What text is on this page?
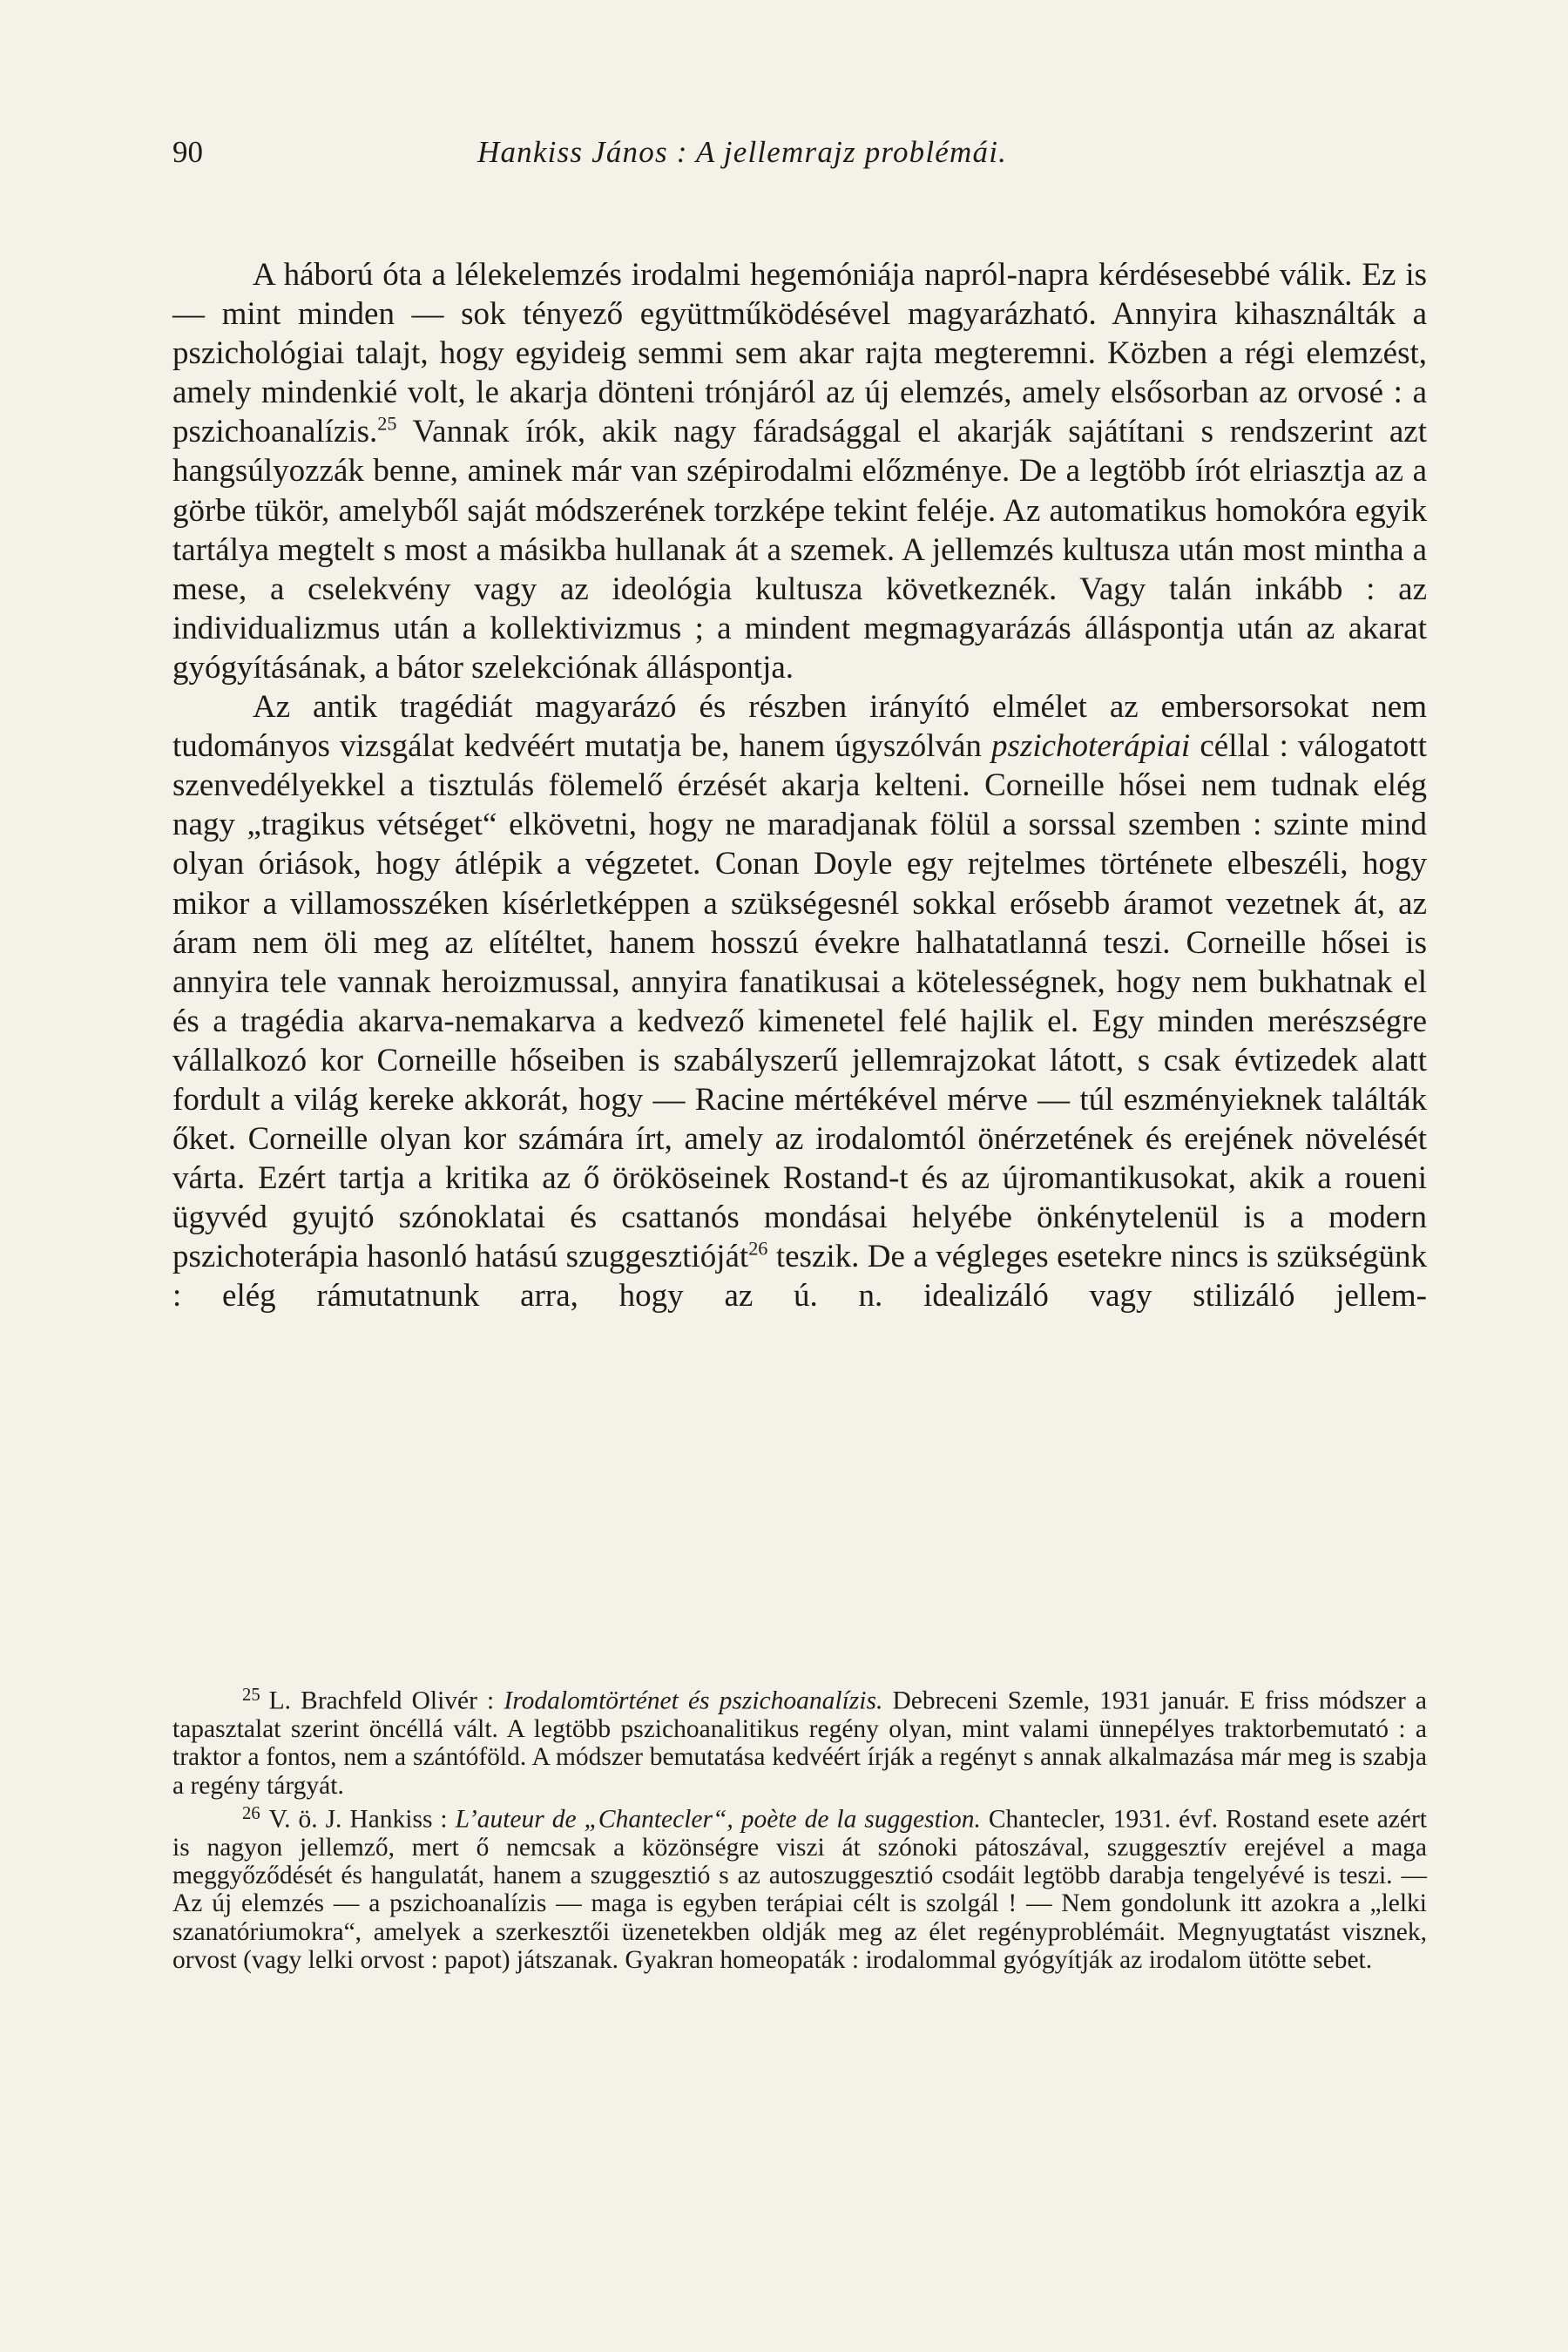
90	Hankiss János : A jellemrajz problémái.

A háború óta a lélekelemzés irodalmi hegemóniája napról-napra kérdésesebbé válik. Ez is — mint minden — sok tényező együttműködésével magyarázható. Annyira kihasználták a pszichológiai talajt, hogy egyideig semmi sem akar rajta megteremni. Közben a régi elemzést, amely mindenkié volt, le akarja dönteni trónjáról az új elemzés, amely elsősorban az orvosé : a pszichoanalízis.$^{25}$ Vannak írók, akik nagy fáradsággal el akarják sajátítani s rendszerint azt hangsúlyozzák benne, aminek már van szépirodalmi előzménye. De a legtöbb írót elriasztja az a görbe tükör, amelyből saját módszerének torzképe tekint feléje. Az automatikus homokóra egyik tartálya megtelt s most a másikba hullanak át a szemek. A jellemzés kultusza után most mintha a mese, a cselekvény vagy az ideológia kultusza következnék. Vagy talán inkább : az individualizmus után a kollektivizmus ; a mindent megmagyarázás álláspontja után az akarat gyógyításának, a bátor szelekciónak álláspontja.

Az antik tragédiát magyarázó és részben irányító elmélet az embersorsokat nem tudományos vizsgálat kedvéért mutatja be, hanem úgyszólván pszichoterápiai céllal : válogatott szenvedélyekkel a tisztulás fölemelő érzését akarja kelteni. Corneille hősei nem tudnak elég nagy „tragikus vétséget“ elkövetni, hogy ne maradjanak fölül a sorssal szemben : szinte mind olyan óriások, hogy átlépik a végzetet. Conan Doyle egy rejtelmes története elbeszéli, hogy mikor a villamosszéken kísérletképpen a szükségesnél sokkal erősebb áramot vezetnek át, az áram nem öli meg az elítéltet, hanem hosszú évekre halhatatlanná teszi. Corneille hősei is annyira tele vannak heroizmussal, annyira fanatikusai a kötelességnek, hogy nem bukhatnak el és a tragédia akarva-nemakarva a kedvező kimenetel felé hajlik el. Egy minden merészségre vállalkozó kor Corneille hőseiben is szabályszerű jellemrajzokat látott, s csak évtizedek alatt fordult a világ kereke akkorát, hogy — Racine mértékével mérve — túl eszményieknek találták őket. Corneille olyan kor számára írt, amely az irodalomtól önérzetének és erejének növelését várta. Ezért tartja a kritika az ő örököseinek Rostand-t és az újromantikusokat, akik a roueni ügyvéd gyujtó szónoklatai és csattanós mondásai helyébe önkénytelenül is a modern pszichoterápia hasonló hatású szuggesztióját$^{26}$ teszik. De a végleges esetekre nincs is szükségünk : elég rámutatnunk arra, hogy az ú. n. idealizáló vagy stilizáló jellem-

$^{25}$ L. Brachfeld Olivér : Irodalomtörténet és pszichoanalízis. Debreceni Szemle, 1931 január. E friss módszer a tapasztalat szerint öncéllá vált. A legtöbb pszichoanalitikus regény olyan, mint valami ünnepélyes traktorbemutató : a traktor a fontos, nem a szántóföld. A módszer bemutatása kedvéért írják a regényt s annak alkalmazása már meg is szabja a regény tárgyát.

$^{26}$ V. ö. J. Hankiss : L’auteur de „Chantecler“, poète de la suggestion. Chantecler, 1931. évf. Rostand esete azért is nagyon jellemző, mert ő nemcsak a közönségre viszi át szónoki pátoszával, szuggesztív erejével a maga meggyőződését és hangulatát, hanem a szuggesztió s az autoszuggesztió csodáit legtöbb darabja tengelyévé is teszi. — Az új elemzés — a pszichoanalízis — maga is egyben terápiai célt is szolgál ! — Nem gondolunk itt azokra a „lelki szanatóriumokra“, amelyek a szerkesztői üzenetekben oldják meg az élet regényproblémáit. Megnyugtatást visznek, orvost (vagy lelki orvost : papot) játszanak. Gyakran homeopaták : irodalommal gyógyítják az irodalom ütötte sebet.
